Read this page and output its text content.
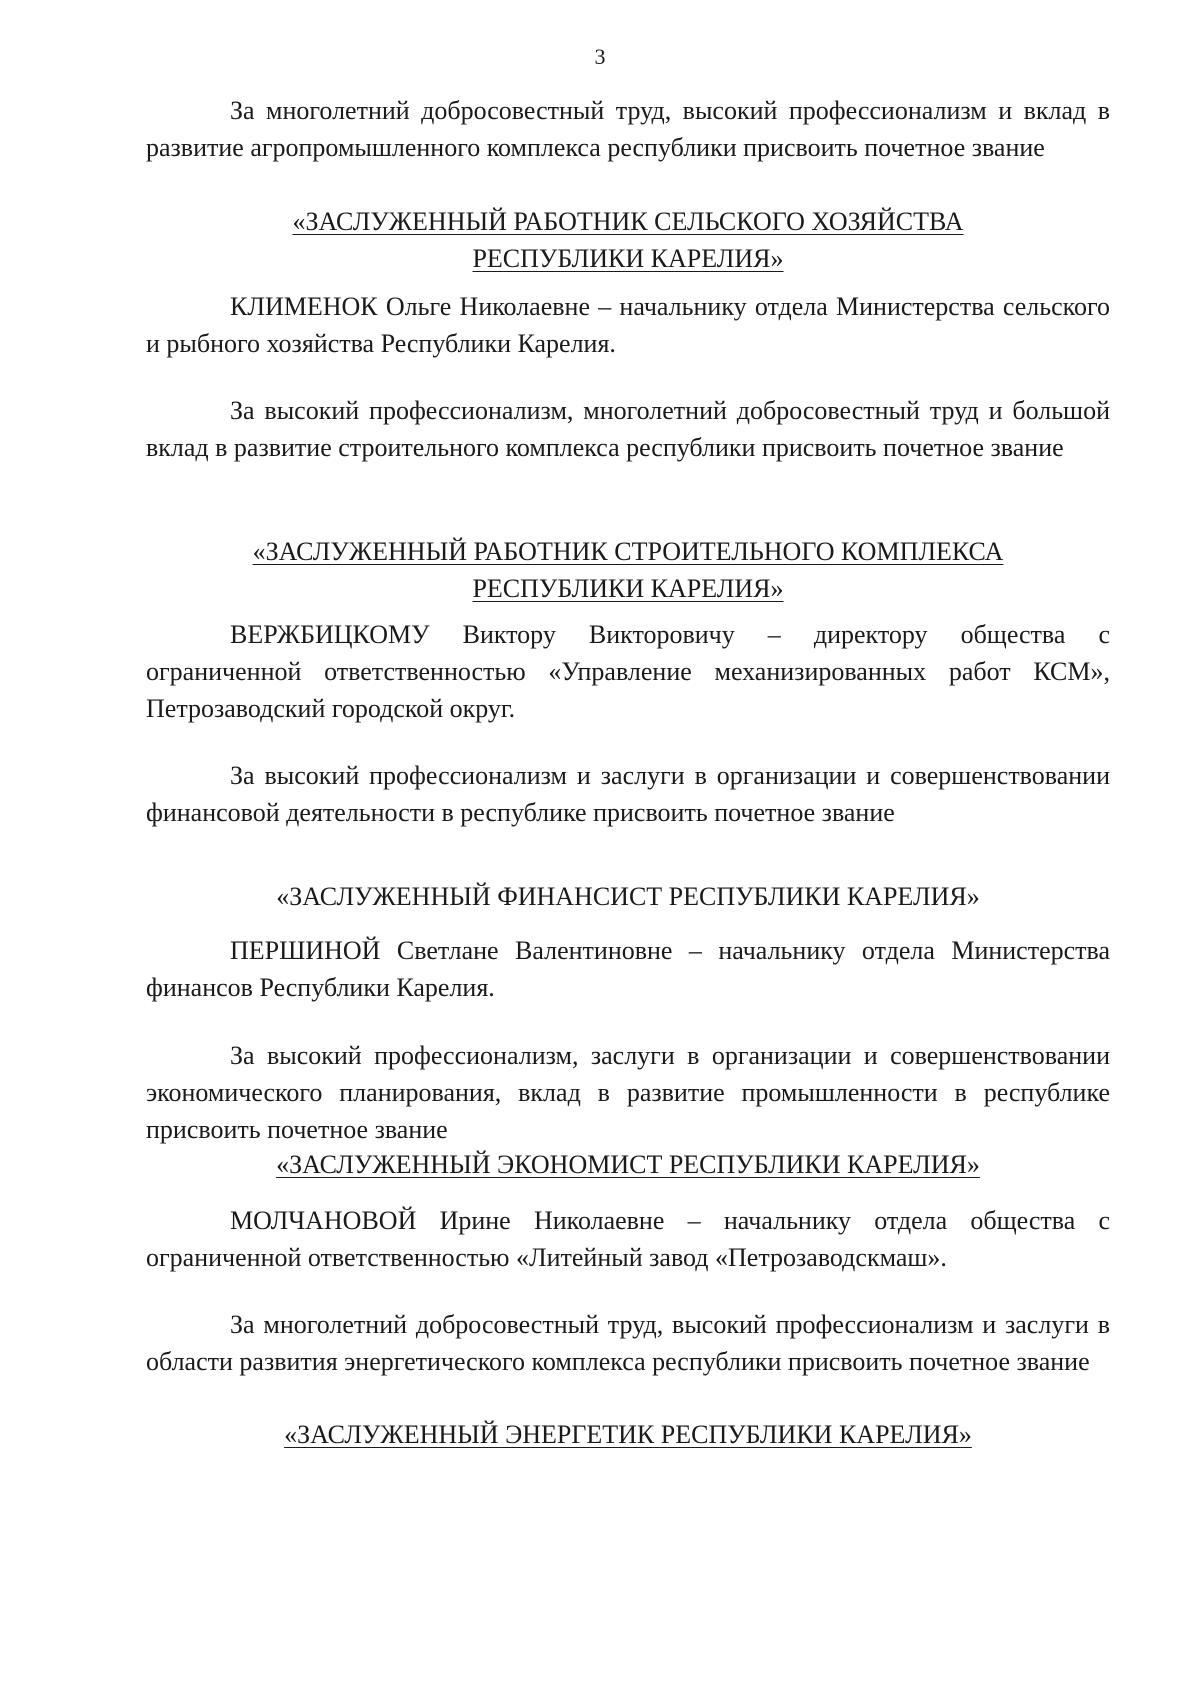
3

За многолетний добросовестный труд, высокий профессионализм и вклад в развитие агропромышленного комплекса республики присвоить почетное звание

«ЗАСЛУЖЕННЫЙ РАБОТНИК СЕЛЬСКОГО ХОЗЯЙСТВА
РЕСПУБЛИКИ КАРЕЛИЯ»

КЛИМЕНОК Ольге Николаевне – начальнику отдела Министерства сельского и рыбного хозяйства Республики Карелия.

За высокий профессионализм, многолетний добросовестный труд и большой вклад в развитие строительного комплекса республики присвоить почетное звание

«ЗАСЛУЖЕННЫЙ РАБОТНИК СТРОИТЕЛЬНОГО КОМПЛЕКСА
РЕСПУБЛИКИ КАРЕЛИЯ»

ВЕРЖБИЦКОМУ Виктору Викторовичу – директору общества с ограниченной ответственностью «Управление механизированных работ КСМ», Петрозаводский городской округ.

За высокий профессионализм и заслуги в организации и совершенствовании финансовой деятельности в республике присвоить почетное звание

«ЗАСЛУЖЕННЫЙ ФИНАНСИСТ РЕСПУБЛИКИ КАРЕЛИЯ»

ПЕРШИНОЙ Светлане Валентиновне – начальнику отдела Министерства финансов Республики Карелия.

За высокий профессионализм, заслуги в организации и совершенствовании экономического планирования, вклад в развитие промышленности в республике присвоить почетное звание

«ЗАСЛУЖЕННЫЙ ЭКОНОМИСТ РЕСПУБЛИКИ КАРЕЛИЯ»

МОЛЧАНОВОЙ Ирине Николаевне – начальнику отдела общества с ограниченной ответственностью «Литейный завод «Петрозаводскмаш».

За многолетний добросовестный труд, высокий профессионализм и заслуги в области развития энергетического комплекса республики присвоить почетное звание

«ЗАСЛУЖЕННЫЙ ЭНЕРГЕТИК РЕСПУБЛИКИ КАРЕЛИЯ»
